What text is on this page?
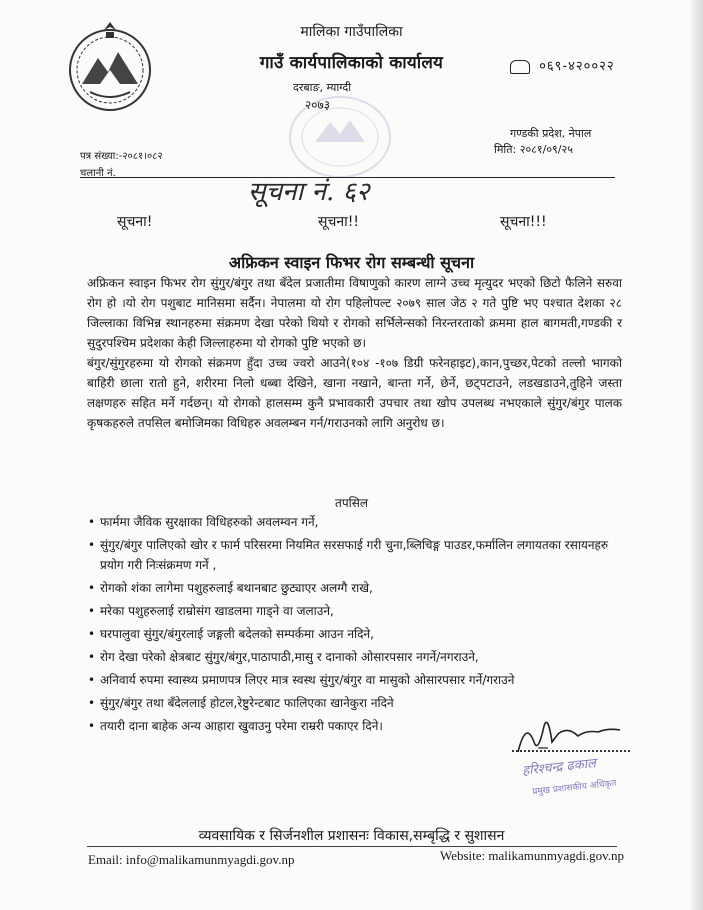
मालिका गाउँपालिका
गाउँ कार्यपालिकाको कार्यालय
दरबाङ, म्याग्दी
२०७३
०६९-४२००२२
गण्डकी प्रदेश, नेपाल
मिति: २०८१/०९/२५
पत्र संख्या:-२०८१।०८२
चलानी नं.
सूचना नं. ६२
सूचना!	सूचना!!	सूचना!!!
अफ्रिकन स्वाइन फिभर रोग सम्बन्धी सूचना
अफ्रिकन स्वाइन फिभर रोग सुंगुर/बंगुर तथा बँदेल प्रजातीमा विषाणुको कारण लाग्ने उच्च मृत्युदर भएको छिटो फैलिने सरुवा रोग हो ।यो रोग पशुबाट मानिसमा सर्दैन। नेपालमा यो रोग पहिलोपल्ट २०७९ साल जेठ २ गते पुष्टि भए पश्चात देशका २८ जिल्लाका विभिन्न स्थानहरुमा संक्रमण देखा परेको थियो र रोगको सर्भिलेन्सको निरन्तरताको क्रममा हाल बागमती,गण्डकी र सुदुरपश्चिम प्रदेशका केही जिल्लाहरुमा यो रोगको पुष्टि भएको छ।
बंगुर/सुंगुरहरुमा यो रोगको संक्रमण हुँदा उच्च ज्वरो आउने(१०४ -१०७ डिग्री फरेनहाइट),कान,पुच्छर,पेटको तल्लो भागको बाहिरी छाला रातो हुने, शरीरमा निलो धब्बा देखिने, खाना नखाने, बान्ता गर्ने, छेर्ने, छट्पटाउने, लडखडाउने,तुहिने जस्ता लक्षणहरु सहित मर्ने गर्दछन्। यो रोगको हालसम्म कुनै प्रभावकारी उपचार तथा खोप उपलब्ध नभएकाले सुंगुर/बंगुर पालक कृषकहरुले तपसिल बमोजिमका विधिहरु अवलम्बन गर्न/गराउनको लागि अनुरोध छ।
तपसिल
• फार्ममा जैविक सुरक्षाका विधिहरुको अवलम्वन गर्ने,
• सुंगुर/बंगुर पालिएको खोर र फार्म परिसरमा नियमित सरसफाई गरी चुना,ब्लिचिङ्ग पाउडर,फर्मालिन लगायतका रसायनहरु प्रयोग गरी निःसंक्रमण गर्ने ,
• रोगको शंका लागेमा पशुहरुलाई बथानबाट छुट्याएर अलग्गै राखे,
• मरेका पशुहरुलाई राम्रोसंग खाडलमा गाड्ने वा जलाउने,
• घरपालुवा सुंगुर/बंगुरलाई जङ्गली बदेलको सम्पर्कमा आउन नदिने,
• रोग देखा परेको क्षेत्रबाट सुंगुर/बंगुर,पाठापाठी,मासु र दानाको ओसारपसार नगर्ने/नगराउने,
• अनिवार्य रुपमा स्वास्थ्य प्रमाणपत्र लिएर मात्र स्वस्थ सुंगुर/बंगुर वा मासुको ओसारपसार गर्ने/गराउने
• सुंगुर/बंगुर तथा बँदेललाई होटल,रेष्टुरेन्टबाट फालिएका खानेकुरा नदिने
• तयारी दाना बाहेक अन्य आहारा खुवाउनु परेमा राम्ररी पकाएर दिने।
हरिश्चन्द्र ढकाल
प्रमुख प्रशासकीय अधिकृत
व्यवसायिक र सिर्जनशील प्रशासनः विकास,सम्बृद्धि र सुशासन
Email: info@malikamunmyagdi.gov.np	Website: malikamunmyagdi.gov.np
